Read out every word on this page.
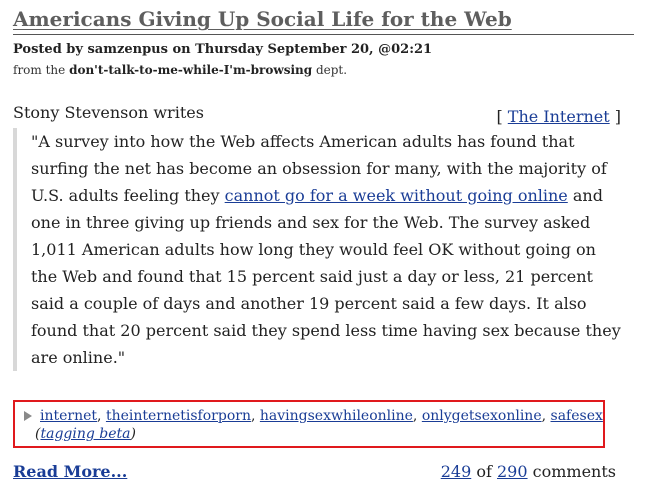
Americans Giving Up Social Life for the Web
Posted by samzenpus on Thursday September 20, @02:21
from the don't-talk-to-me-while-I'm-browsing dept.
Stony Stevenson writes	[ The Internet ]
"A survey into how the Web affects American adults has found that surfing the net has become an obsession for many, with the majority of U.S. adults feeling they cannot go for a week without going online and one in three giving up friends and sex for the Web. The survey asked 1,011 American adults how long they would feel OK without going on the Web and found that 15 percent said just a day or less, 21 percent said a couple of days and another 19 percent said a few days. It also found that 20 percent said they spend less time having sex because they are online."
internet, theinternetisforporn, havingsexwhileonline, onlygetsexonline, safesex
(tagging beta)
Read More...	249 of 290 comments
